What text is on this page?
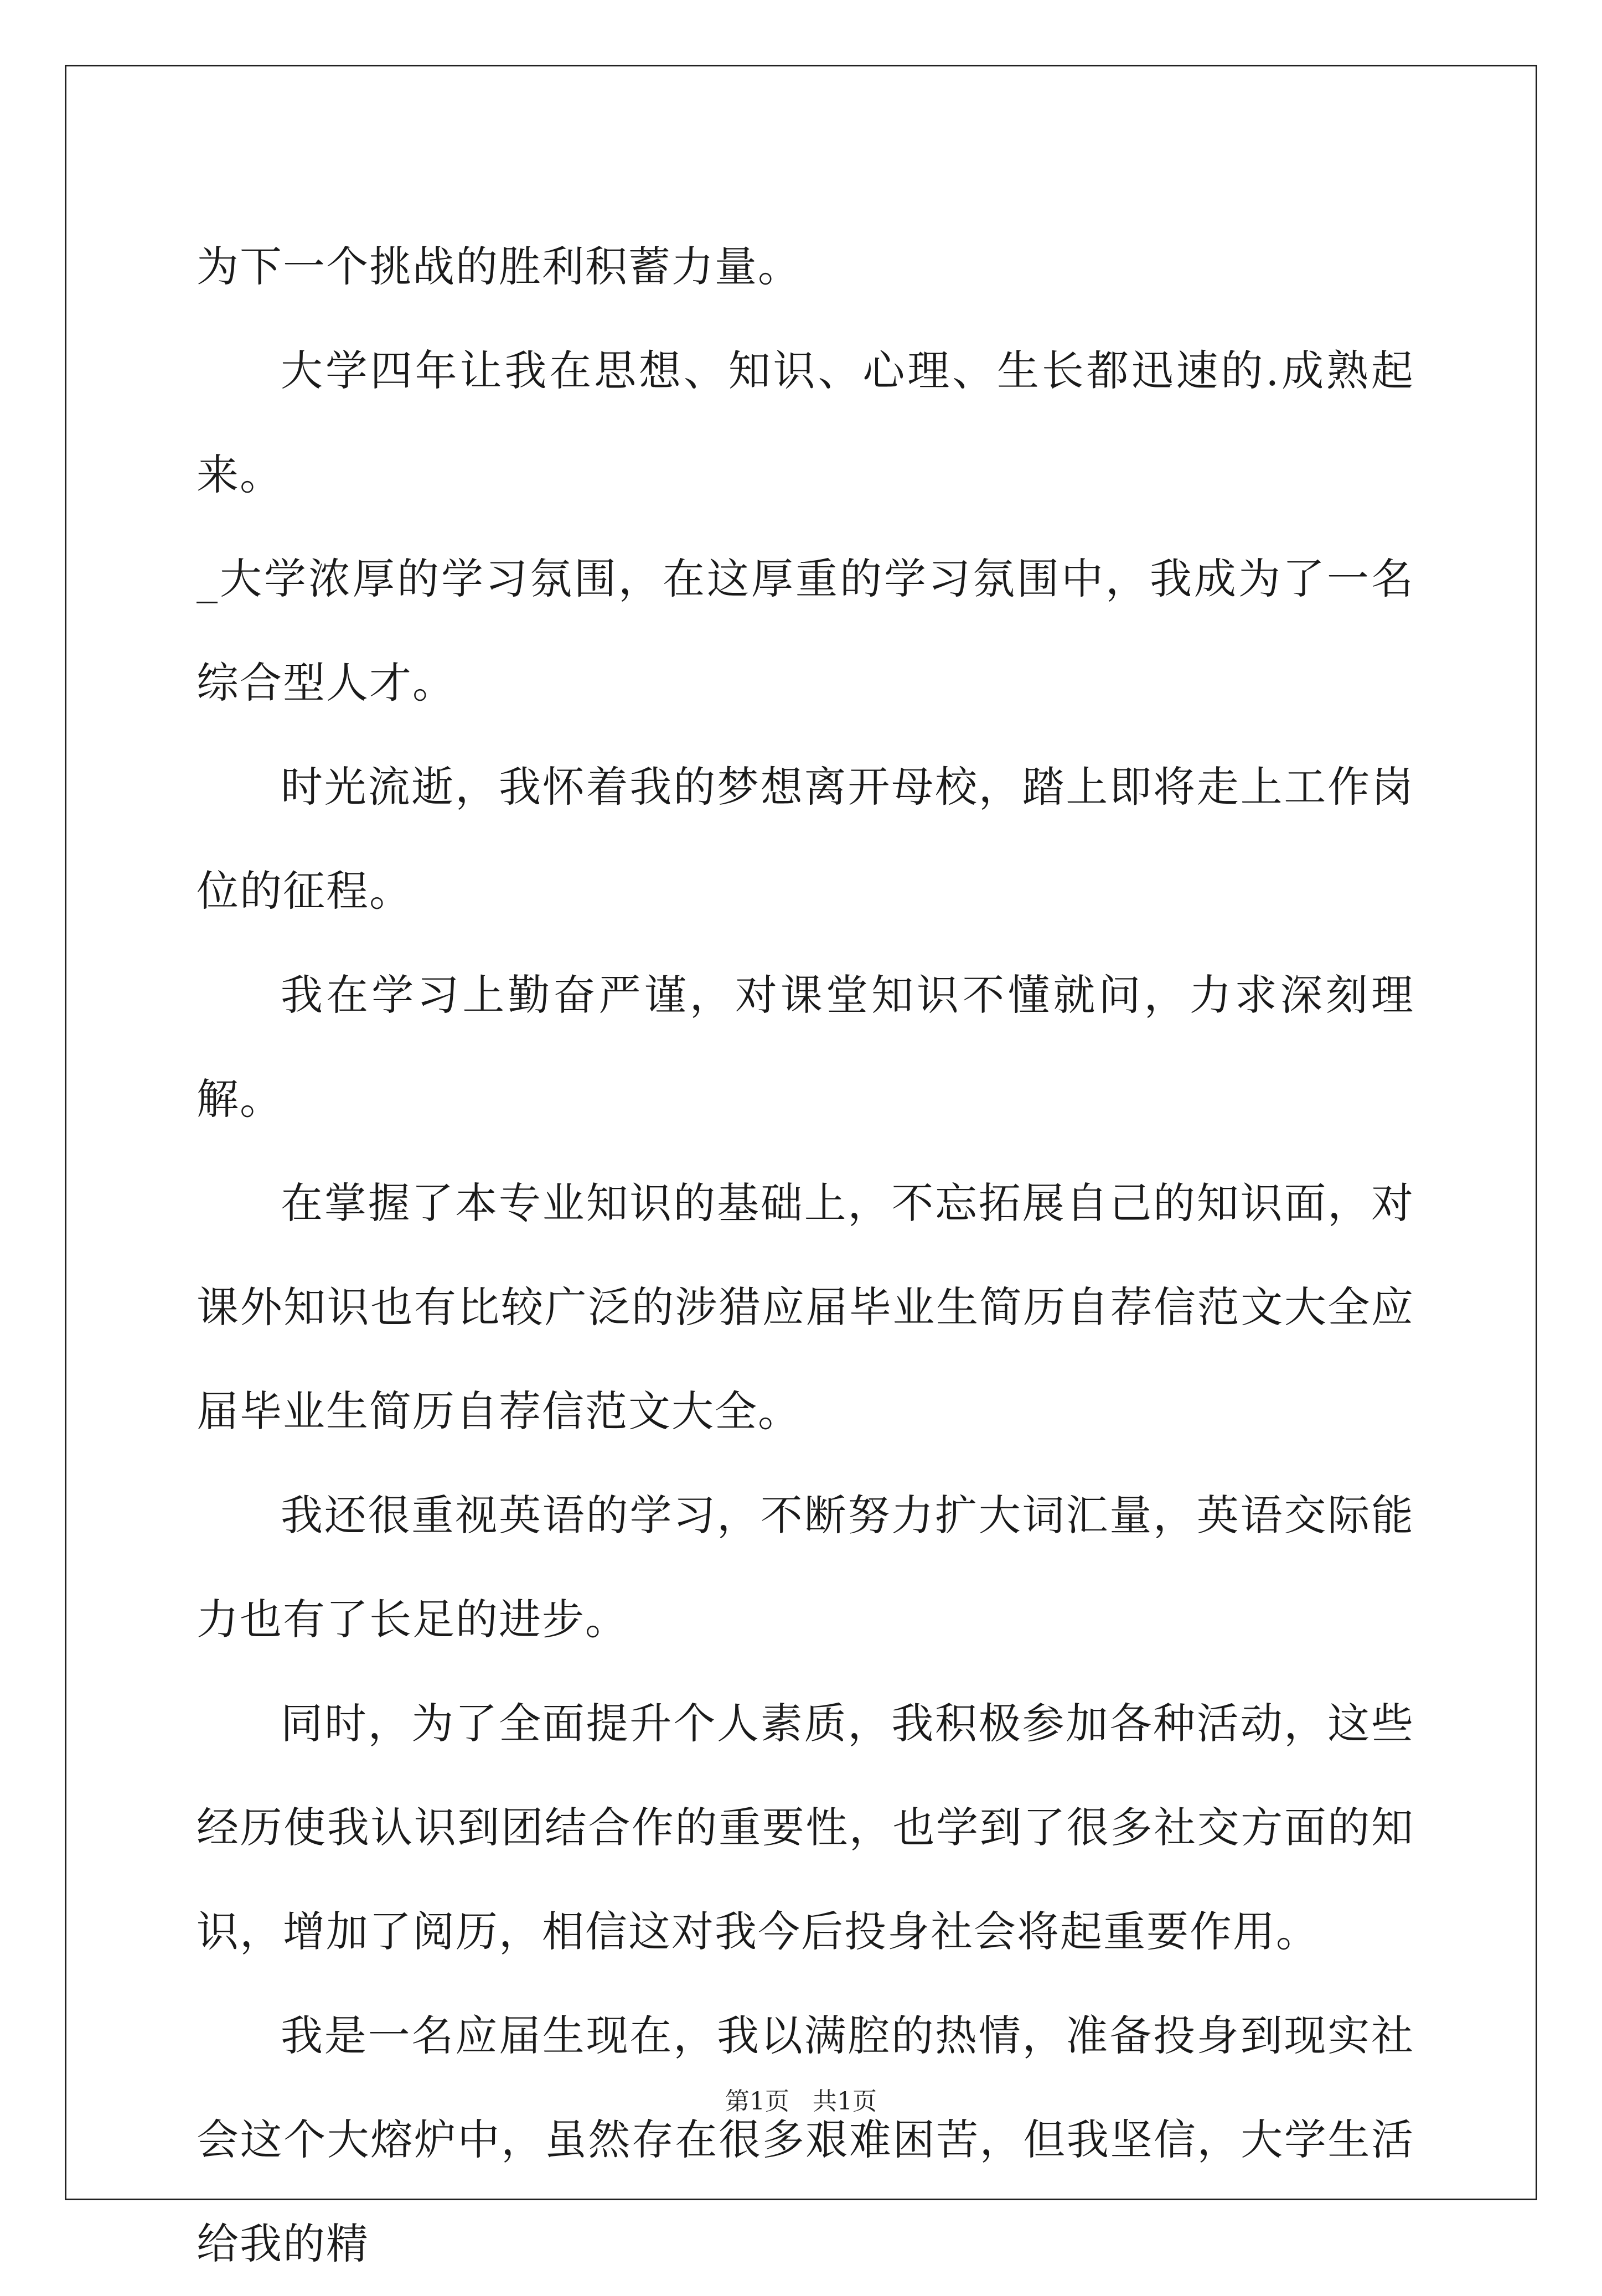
为下一个挑战的胜利积蓄力量。

大学四年让我在思想、知识、心理、生长都迅速的.成熟起来。

_大学浓厚的学习氛围，在这厚重的学习氛围中，我成为了一名综合型人才。

时光流逝，我怀着我的梦想离开母校，踏上即将走上工作岗位的征程。

我在学习上勤奋严谨，对课堂知识不懂就问，力求深刻理解。

在掌握了本专业知识的基础上，不忘拓展自己的知识面，对课外知识也有比较广泛的涉猎应届毕业生简历自荐信范文大全应届毕业生简历自荐信范文大全。

我还很重视英语的学习，不断努力扩大词汇量，英语交际能力也有了长足的进步。

同时，为了全面提升个人素质，我积极参加各种活动，这些经历使我认识到团结合作的重要性，也学到了很多社交方面的知识，增加了阅历，相信这对我今后投身社会将起重要作用。

我是一名应届生现在，我以满腔的热情，准备投身到现实社会这个大熔炉中，虽然存在很多艰难困苦，但我坚信，大学生活给我的精

第1页 共1页
